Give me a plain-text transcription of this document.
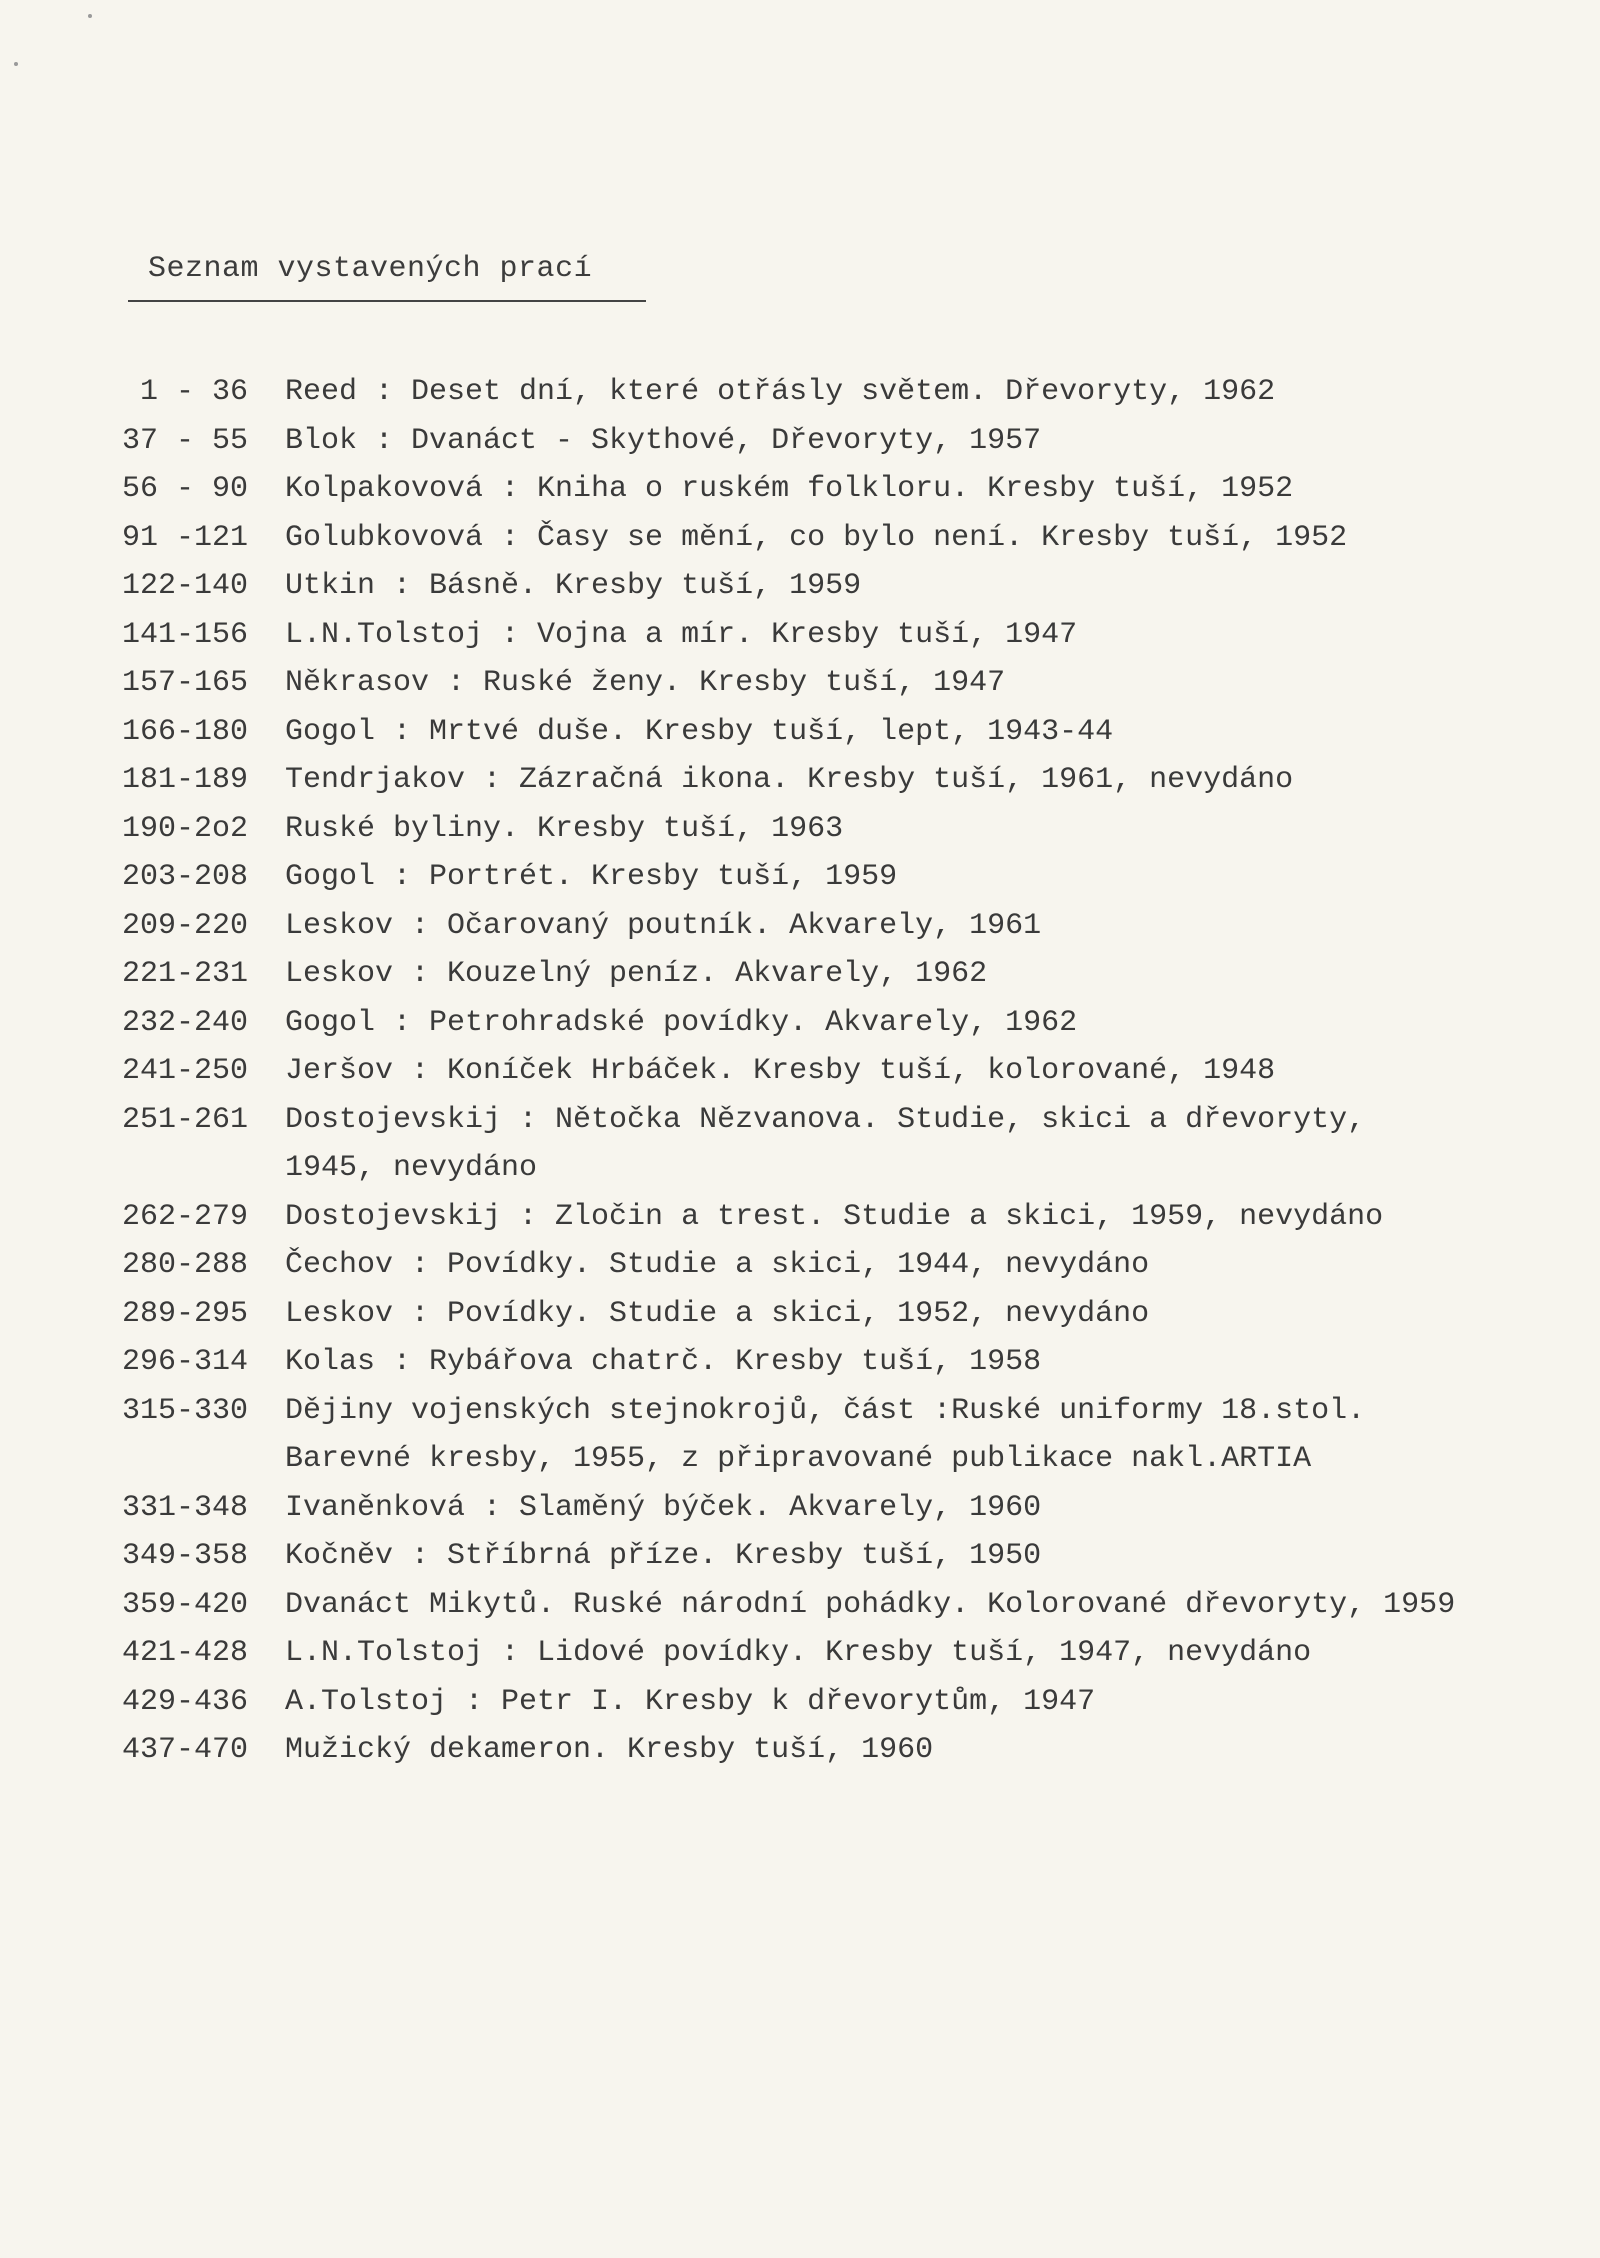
Seznam vystavených prací
1 - 36 Reed : Deset dní, které otřásly světem. Dřevoryty, 1962
37 - 55 Blok : Dvanáct - Skythové, Dřevoryty, 1957
56 - 90 Kolpakovová : Kniha o ruském folkloru. Kresby tuší, 1952
91 -121 Golubkovová : Časy se mění, co bylo není. Kresby tuší, 1952
122-140 Utkin : Básně. Kresby tuší, 1959
141-156 L.N.Tolstoj : Vojna a mír. Kresby tuší, 1947
157-165 Někrasov : Ruské ženy. Kresby tuší, 1947
166-180 Gogol : Mrtvé duše. Kresby tuší, lept, 1943-44
181-189 Tendrjakov : Zázračná ikona. Kresby tuší, 1961, nevydáno
190-2o2 Ruské byliny. Kresby tuší, 1963
203-208 Gogol : Portrét. Kresby tuší, 1959
209-220 Leskov : Očarovaný poutník. Akvarely, 1961
221-231 Leskov : Kouzelný peníz. Akvarely, 1962
232-240 Gogol : Petrohradské povídky. Akvarely, 1962
241-250 Jeršov : Koníček Hrbáček. Kresby tuší, kolorované, 1948
251-261 Dostojevskij : Nětočka Nězvanova. Studie, skici a dřevoryty,
1945, nevydáno
262-279 Dostojevskij : Zločin a trest. Studie a skici, 1959, nevydáno
280-288 Čechov : Povídky. Studie a skici, 1944, nevydáno
289-295 Leskov : Povídky. Studie a skici, 1952, nevydáno
296-314 Kolas : Rybářova chatrč. Kresby tuší, 1958
315-330 Dějiny vojenských stejnokrojů, část :Ruské uniformy 18.stol.
Barevné kresby, 1955, z připravované publikace nakl.ARTIA
331-348 Ivaněnková : Slaměný býček. Akvarely, 1960
349-358 Kočněv : Stříbrná příze. Kresby tuší, 1950
359-420 Dvanáct Mikytů. Ruské národní pohádky. Kolorované dřevoryty, 1959
421-428 L.N.Tolstoj : Lidové povídky. Kresby tuší, 1947, nevydáno
429-436 A.Tolstoj : Petr I. Kresby k dřevorytům, 1947
437-470 Mužický dekameron. Kresby tuší, 1960
